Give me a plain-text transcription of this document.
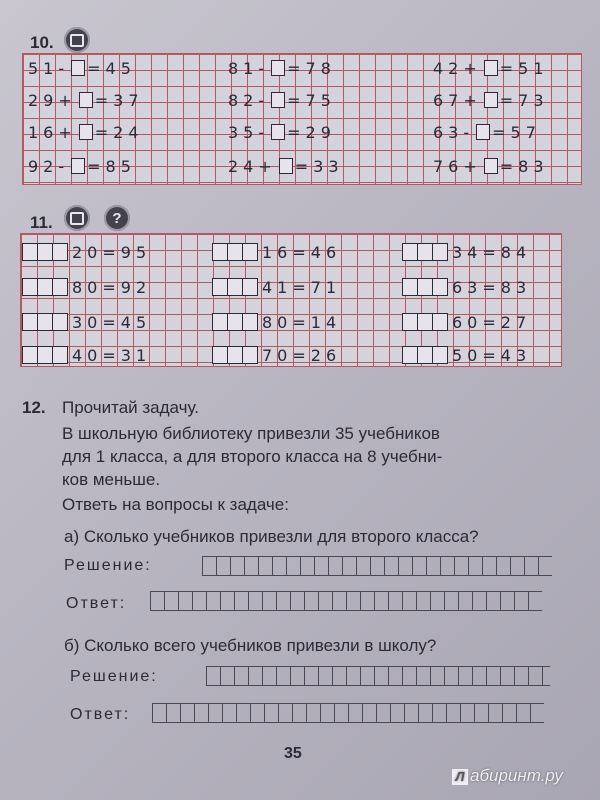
10.
51 - = 45	81 - = 78	42 + = 51
29 + = 37	82 - = 75	67 + = 73
16 + = 24	35 - = 29	63 - = 57
92 - = 85	24 + = 33	76 + = 83
11.	?
20 = 95	16 = 46	34 = 84
80 = 92	41 = 71	63 = 83
30 = 45	80 = 14	60 = 27
40 = 31	70 = 26	50 = 43
12. Прочитай задачу.
В школьную библиотеку привезли 35 учебников
для 1 класса, а для второго класса на 8 учебни-
ков меньше.
Ответь на вопросы к задаче:
а) Сколько учебников привезли для второго класса?
Решение:
Ответ:
б) Сколько всего учебников привезли в школу?
Решение:
Ответ:
35
Л абиринт.ру
